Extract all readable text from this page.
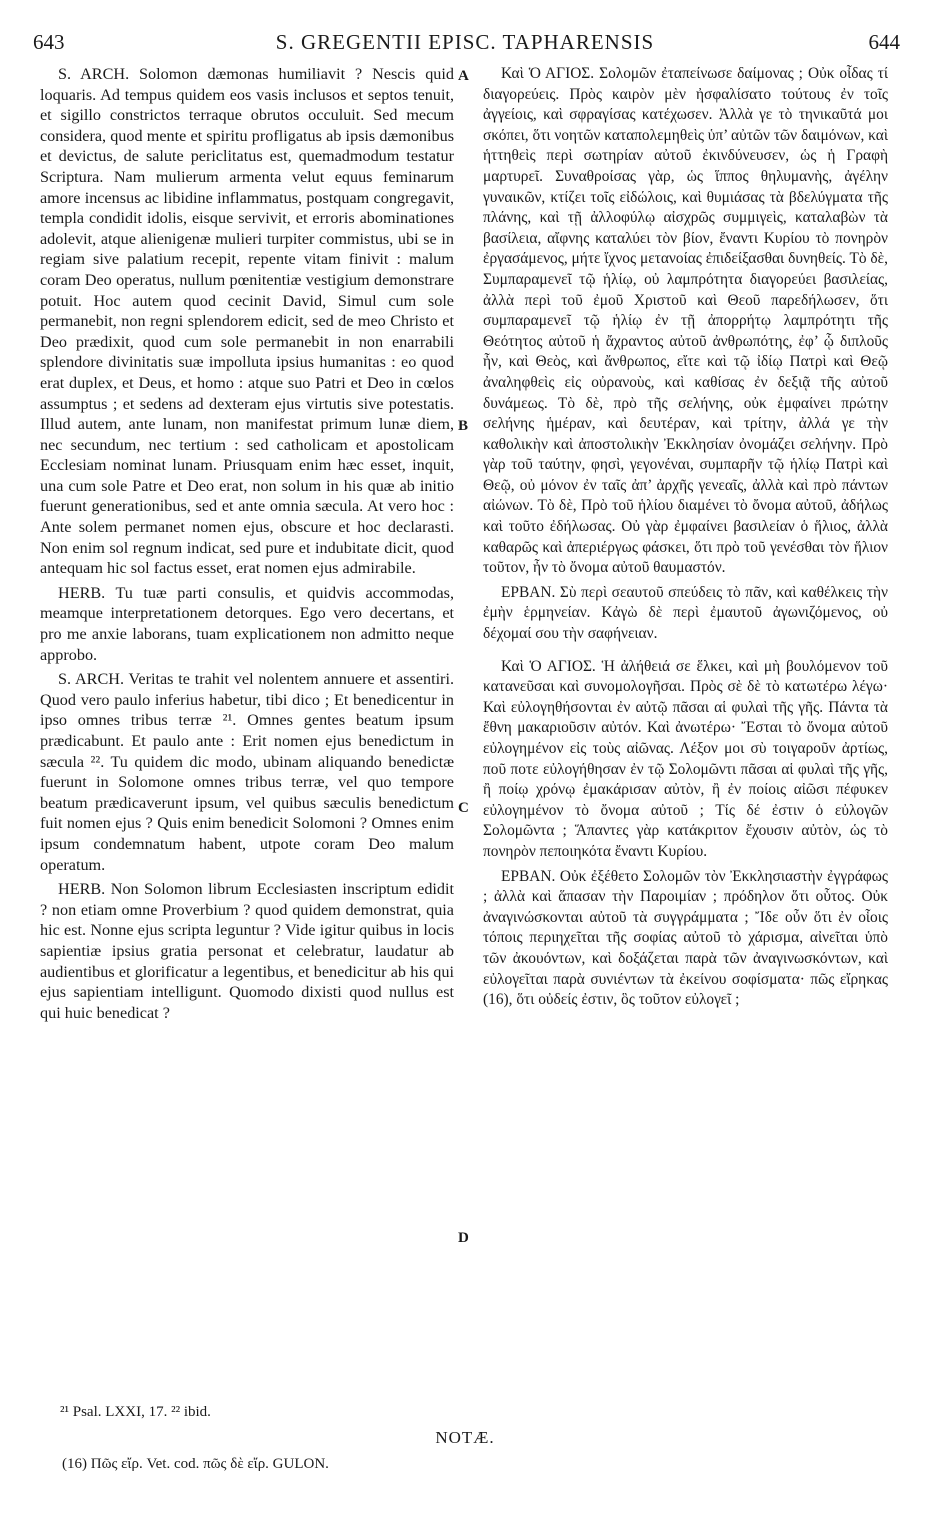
643	S. GREGENTII EPISC. TAPHARENSIS	644

S. ARCH. Solomon dæmonas humiliavit ? Nescis quid loquaris. Ad tempus quidem eos vasis inclusos et septos tenuit, et sigillo constrictos terraque obrutos occuluit. Sed mecum considera, quod mente et spiritu profligatus ab ipsis dæmonibus et devictus, de salute periclitatus est, quemadmodum testatur Scriptura. Nam mulierum armenta velut equus feminarum amore incensus ac libidine inflammatus, postquam congregavit, templa condidit idolis, eisque servivit, et erroris abominationes adolevit, atque alienigenæ mulieri turpiter commistus, ubi se in regiam sive palatium recepit, repente vitam finivit : malum coram Deo operatus, nullum pœnitentiæ vestigium demonstrare potuit. Hoc autem quod cecinit David, Simul cum sole permanebit, non regni splendorem edicit, sed de meo Christo et Deo prædixit, quod cum sole permanebit in non enarrabili splendore divinitatis suæ impolluta ipsius humanitas : eo quod erat duplex, et Deus, et homo : atque suo Patri et Deo in cœlos assumptus ; et sedens ad dexteram ejus virtutis sive potestatis. Illud autem, ante lunam, non manifestat primum lunæ diem, nec secundum, nec tertium : sed catholicam et apostolicam Ecclesiam nominat lunam. Priusquam enim hæc esset, inquit, una cum sole Patre et Deo erat, non solum in his quæ ab initio fuerunt generationibus, sed et ante omnia sæcula. At vero hoc : Ante solem permanet nomen ejus, obscure et hoc declarasti. Non enim sol regnum indicat, sed pure et indubitate dicit, quod antequam hic sol factus esset, erat nomen ejus admirabile.

HERB. Tu tuæ parti consulis, et quidvis accommodas, meamque interpretationem detorques. Ego vero decertans, et pro me anxie laborans, tuam explicationem non admitto neque approbo.

S. ARCH. Veritas te trahit vel nolentem annuere et assentiri. Quod vero paulo inferius habetur, tibi dico ; Et benedicentur in ipso omnes tribus terræ ²¹. Omnes gentes beatum ipsum prædicabunt. Et paulo ante : Erit nomen ejus benedictum in sæcula ²². Tu quidem dic modo, ubinam aliquando benedictæ fuerunt in Solomone omnes tribus terræ, vel quo tempore beatum prædicaverunt ipsum, vel quibus sæculis benedictum fuit nomen ejus ? Quis enim benedicit Solomoni ? Omnes enim ipsum condemnatum habent, utpote coram Deo malum operatum.

HERB. Non Solomon librum Ecclesiasten inscriptum edidit ? non etiam omne Proverbium ? quod quidem demonstrat, quia hic est. Nonne ejus scripta leguntur ? Vide igitur quibus in locis sapientiæ ipsius gratia personat et celebratur, laudatur ab audientibus et glorificatur a legentibus, et benedicitur ab his qui ejus sapientiam intelligunt. Quomodo dixisti quod nullus est qui huic benedicat ?

A
B
C
D

Καὶ Ὁ ΑΓΙΟΣ. Σολομῶν ἐταπείνωσε δαίμονας ; Οὐκ οἶδας τί διαγορεύεις. Πρὸς καιρὸν μὲν ἠσφαλίσατο τούτους ἐν τοῖς ἀγγείοις, καὶ σφραγίσας κατέχωσεν. Ἀλλὰ γε τὸ τηνικαῦτά μοι σκόπει, ὅτι νοητῶν καταπολεμηθεὶς ὑπ’ αὐτῶν τῶν δαιμόνων, καὶ ἡττηθεὶς περὶ σωτηρίαν αὐτοῦ ἐκινδύνευσεν, ὡς ἡ Γραφὴ μαρτυρεῖ. Συναθροίσας γὰρ, ὡς ἵππος θηλυμανὴς, ἀγέλην γυναικῶν, κτίζει τοῖς εἰδώλοις, καὶ θυμιάσας τὰ βδελύγματα τῆς πλάνης, καὶ τῇ ἀλλοφύλῳ αἰσχρῶς συμμιγεὶς, καταλαβὼν τὰ βασίλεια, αἴφνης καταλύει τὸν βίον, ἔναντι Κυρίου τὸ πονηρὸν ἐργασάμενος, μήτε ἴχνος μετανοίας ἐπιδείξασθαι δυνηθείς. Τὸ δὲ, Συμπαραμενεῖ τῷ ἡλίῳ, οὐ λαμπρότητα διαγορεύει βασιλείας, ἀλλὰ περὶ τοῦ ἐμοῦ Χριστοῦ καὶ Θεοῦ παρεδήλωσεν, ὅτι συμπαραμενεῖ τῷ ἡλίῳ ἐν τῇ ἀπορρήτῳ λαμπρότητι τῆς Θεότητος αὐτοῦ ἡ ἄχραντος αὐτοῦ ἀνθρωπότης, ἐφ’ ᾧ διπλοῦς ἦν, καὶ Θεὸς, καὶ ἄνθρωπος, εἴτε καὶ τῷ ἰδίῳ Πατρὶ καὶ Θεῷ ἀναληφθεὶς εἰς οὐρανοὺς, καὶ καθίσας ἐν δεξιᾷ τῆς αὐτοῦ δυνάμεως. Τὸ δὲ, πρὸ τῆς σελήνης, οὐκ ἐμφαίνει πρώτην σελήνης ἡμέραν, καὶ δευτέραν, καὶ τρίτην, ἀλλά γε τὴν καθολικὴν καὶ ἀποστολικὴν Ἐκκλησίαν ὀνομάζει σελήνην. Πρὸ γὰρ τοῦ ταύτην, φησὶ, γεγονέναι, συμπαρῆν τῷ ἡλίῳ Πατρὶ καὶ Θεῷ, οὐ μόνον ἐν ταῖς ἀπ’ ἀρχῆς γενεαῖς, ἀλλὰ καὶ πρὸ πάντων αἰώνων. Τὸ δὲ, Πρὸ τοῦ ἡλίου διαμένει τὸ ὄνομα αὐτοῦ, ἀδήλως καὶ τοῦτο ἐδήλωσας. Οὐ γὰρ ἐμφαίνει βασιλείαν ὁ ἥλιος, ἀλλὰ καθαρῶς καὶ ἀπεριέργως φάσκει, ὅτι πρὸ τοῦ γενέσθαι τὸν ἥλιον τοῦτον, ἦν τὸ ὄνομα αὐτοῦ θαυμαστόν.

ΕΡΒΑΝ. Σὺ περὶ σεαυτοῦ σπεύδεις τὸ πᾶν, καὶ καθέλκεις τὴν ἐμὴν ἑρμηνείαν. Κἀγὼ δὲ περὶ ἐμαυτοῦ ἀγωνιζόμενος, οὐ δέχομαί σου τὴν σαφήνειαν.

Καὶ Ὁ ΑΓΙΟΣ. Ἡ ἀλήθειά σε ἕλκει, καὶ μὴ βουλόμενον τοῦ κατανεῦσαι καὶ συνομολογῆσαι. Πρὸς σὲ δὲ τὸ κατωτέρω λέγω· Καὶ εὐλογηθήσονται ἐν αὐτῷ πᾶσαι αἱ φυλαὶ τῆς γῆς. Πάντα τὰ ἔθνη μακαριοῦσιν αὐτόν. Καὶ ἀνωτέρω· Ἔσται τὸ ὄνομα αὐτοῦ εὐλογημένον εἰς τοὺς αἰῶνας. Λέξον μοι σὺ τοιγαροῦν ἀρτίως, ποῦ ποτε εὐλογήθησαν ἐν τῷ Σολομῶντι πᾶσαι αἱ φυλαὶ τῆς γῆς, ἢ ποίῳ χρόνῳ ἐμακάρισαν αὐτὸν, ἢ ἐν ποίοις αἰῶσι πέφυκεν εὐλογημένον τὸ ὄνομα αὐτοῦ ; Τίς δέ ἐστιν ὁ εὐλογῶν Σολομῶντα ; Ἅπαντες γὰρ κατάκριτον ἔχουσιν αὐτὸν, ὡς τὸ πονηρὸν πεποιηκότα ἔναντι Κυρίου.

ΕΡΒΑΝ. Οὐκ ἐξέθετο Σολομῶν τὸν Ἐκκλησιαστὴν ἐγγράφως ; ἀλλὰ καὶ ἅπασαν τὴν Παροιμίαν ; πρόδηλον ὅτι οὗτος. Οὐκ ἀναγινώσκονται αὐτοῦ τὰ συγγράμματα ; Ἴδε οὖν ὅτι ἐν οἷοις τόποις περιηχεῖται τῆς σοφίας αὐτοῦ τὸ χάρισμα, αἰνεῖται ὑπὸ τῶν ἀκουόντων, καὶ δοξάζεται παρὰ τῶν ἀναγινωσκόντων, καὶ εὐλογεῖται παρὰ συνιέντων τὰ ἐκείνου σοφίσματα· πῶς εἴρηκας (16), ὅτι οὐδείς ἐστιν, ὃς τοῦτον εὐλογεῖ ;

²¹ Psal. LXXI, 17. ²² ibid.
NOTÆ.
(16) Πῶς εἴρ. Vet. cod. πῶς δὲ εἴρ. GULON.
